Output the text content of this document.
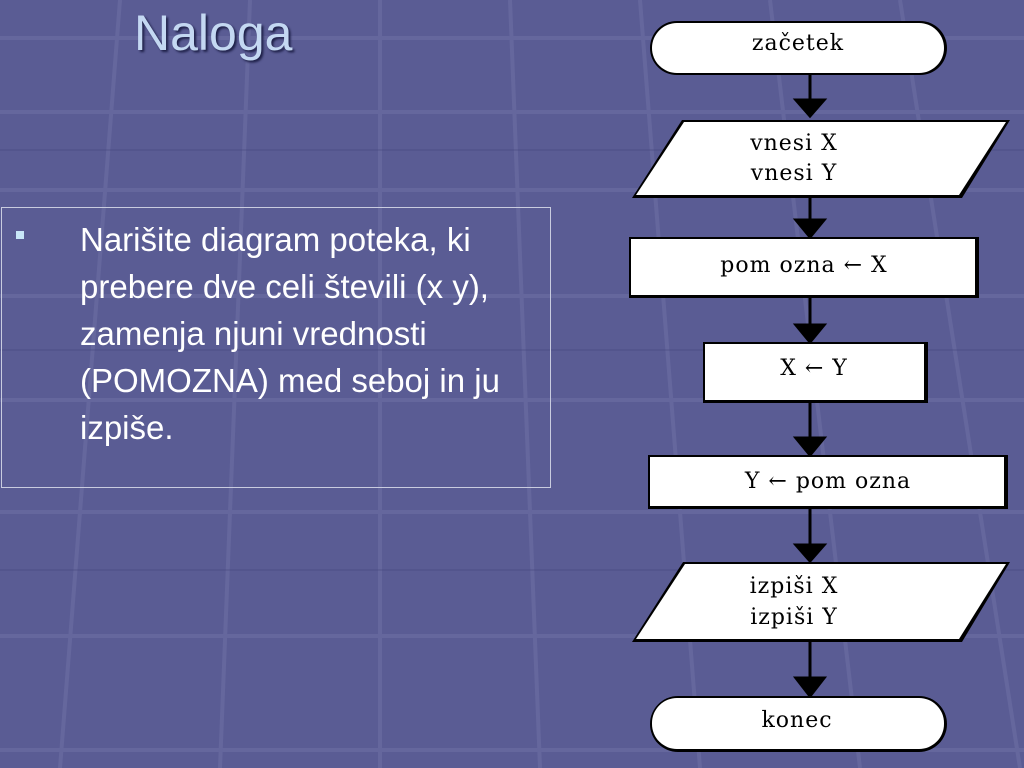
Naloga
Narišite diagram poteka, ki prebere dve celi števili (x y), zamenja njuni vrednosti (POMOZNA) med seboj in ju izpiše.
začetek
vnesi X
vnesi Y
pom ozna ← X
X ← Y
Y ← pom ozna
izpiši X
izpiši Y
konec
